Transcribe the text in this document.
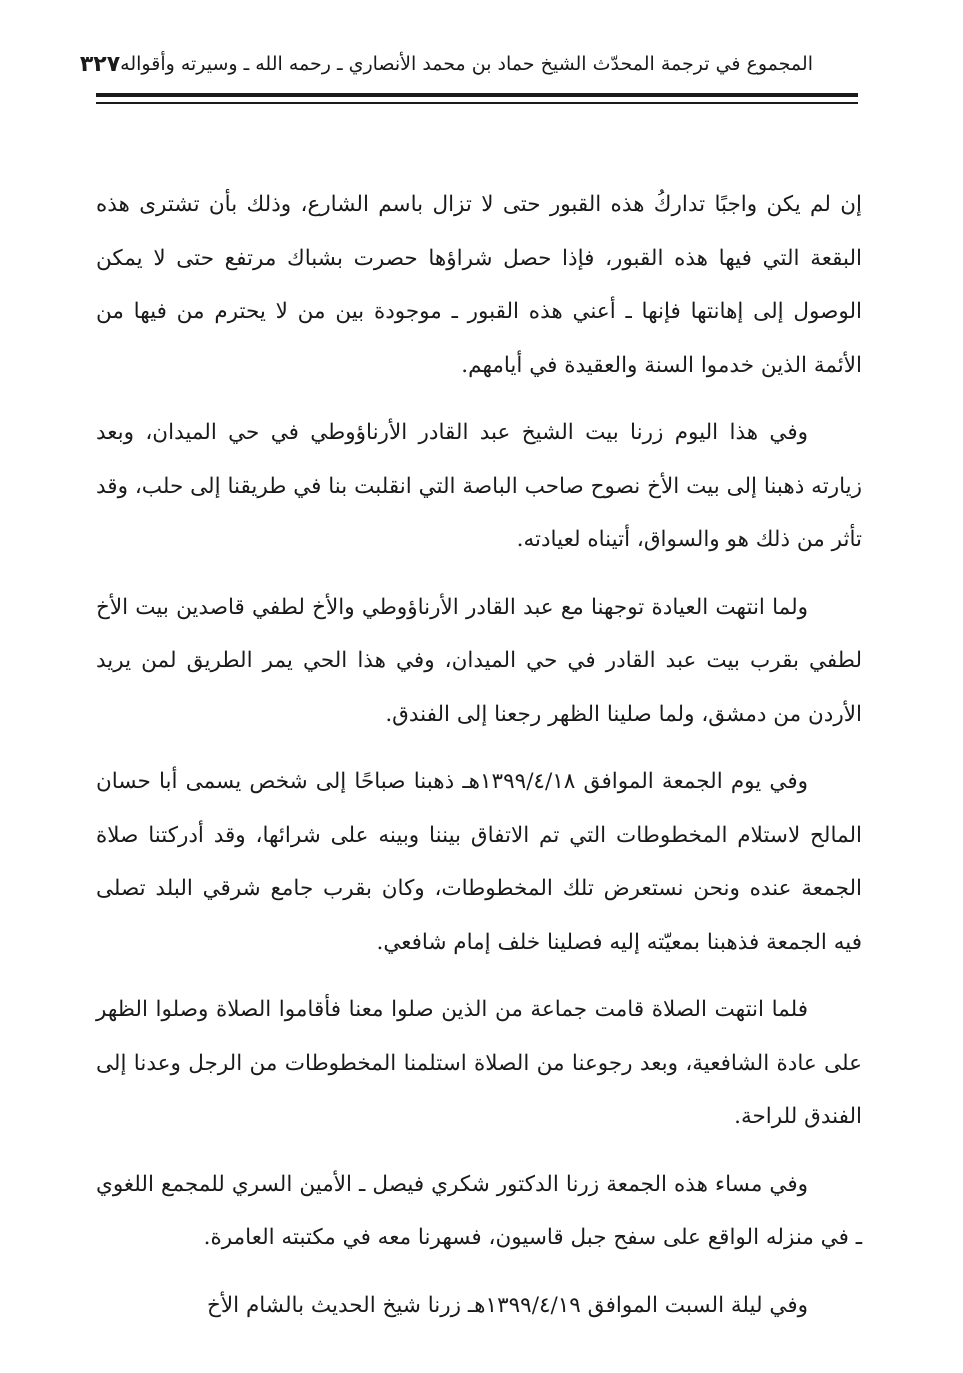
المجموع في ترجمة المحدّث الشيخ حماد بن محمد الأنصاري ـ رحمه الله ـ وسيرته وأقواله
٣٢٧

إن لم يكن واجبًا تداركُ هذه القبور حتى لا تزال باسم الشارع، وذلك بأن تشترى هذه البقعة التي فيها هذه القبور، فإذا حصل شراؤها حصرت بشباك مرتفع حتى لا يمكن الوصول إلى إهانتها فإنها ـ أعني هذه القبور ـ موجودة بين من لا يحترم من فيها من الأئمة الذين خدموا السنة والعقيدة في أيامهم.

وفي هذا اليوم زرنا بيت الشيخ عبد القادر الأرناؤوطي في حي الميدان، وبعد زيارته ذهبنا إلى بيت الأخ نصوح صاحب الباصة التي انقلبت بنا في طريقنا إلى حلب، وقد تأثر من ذلك هو والسواق، أتيناه لعيادته.

ولما انتهت العيادة توجهنا مع عبد القادر الأرناؤوطي والأخ لطفي قاصدين بيت الأخ لطفي بقرب بيت عبد القادر في حي الميدان، وفي هذا الحي يمر الطريق لمن يريد الأردن من دمشق، ولما صلينا الظهر رجعنا إلى الفندق.

وفي يوم الجمعة الموافق ١٣٩٩/٤/١٨هـ ذهبنا صباحًا إلى شخص يسمى أبا حسان المالح لاستلام المخطوطات التي تم الاتفاق بيننا وبينه على شرائها، وقد أدركتنا صلاة الجمعة عنده ونحن نستعرض تلك المخطوطات، وكان بقرب جامع شرقي البلد تصلى فيه الجمعة فذهبنا بمعيّته إليه فصلينا خلف إمام شافعي.

فلما انتهت الصلاة قامت جماعة من الذين صلوا معنا فأقاموا الصلاة وصلوا الظهر على عادة الشافعية، وبعد رجوعنا من الصلاة استلمنا المخطوطات من الرجل وعدنا إلى الفندق للراحة.

وفي مساء هذه الجمعة زرنا الدكتور شكري فيصل ـ الأمين السري للمجمع اللغوي ـ في منزله الواقع على سفح جبل قاسيون، فسهرنا معه في مكتبته العامرة.

وفي ليلة السبت الموافق ١٣٩٩/٤/١٩هـ زرنا شيخ الحديث بالشام الأخ
